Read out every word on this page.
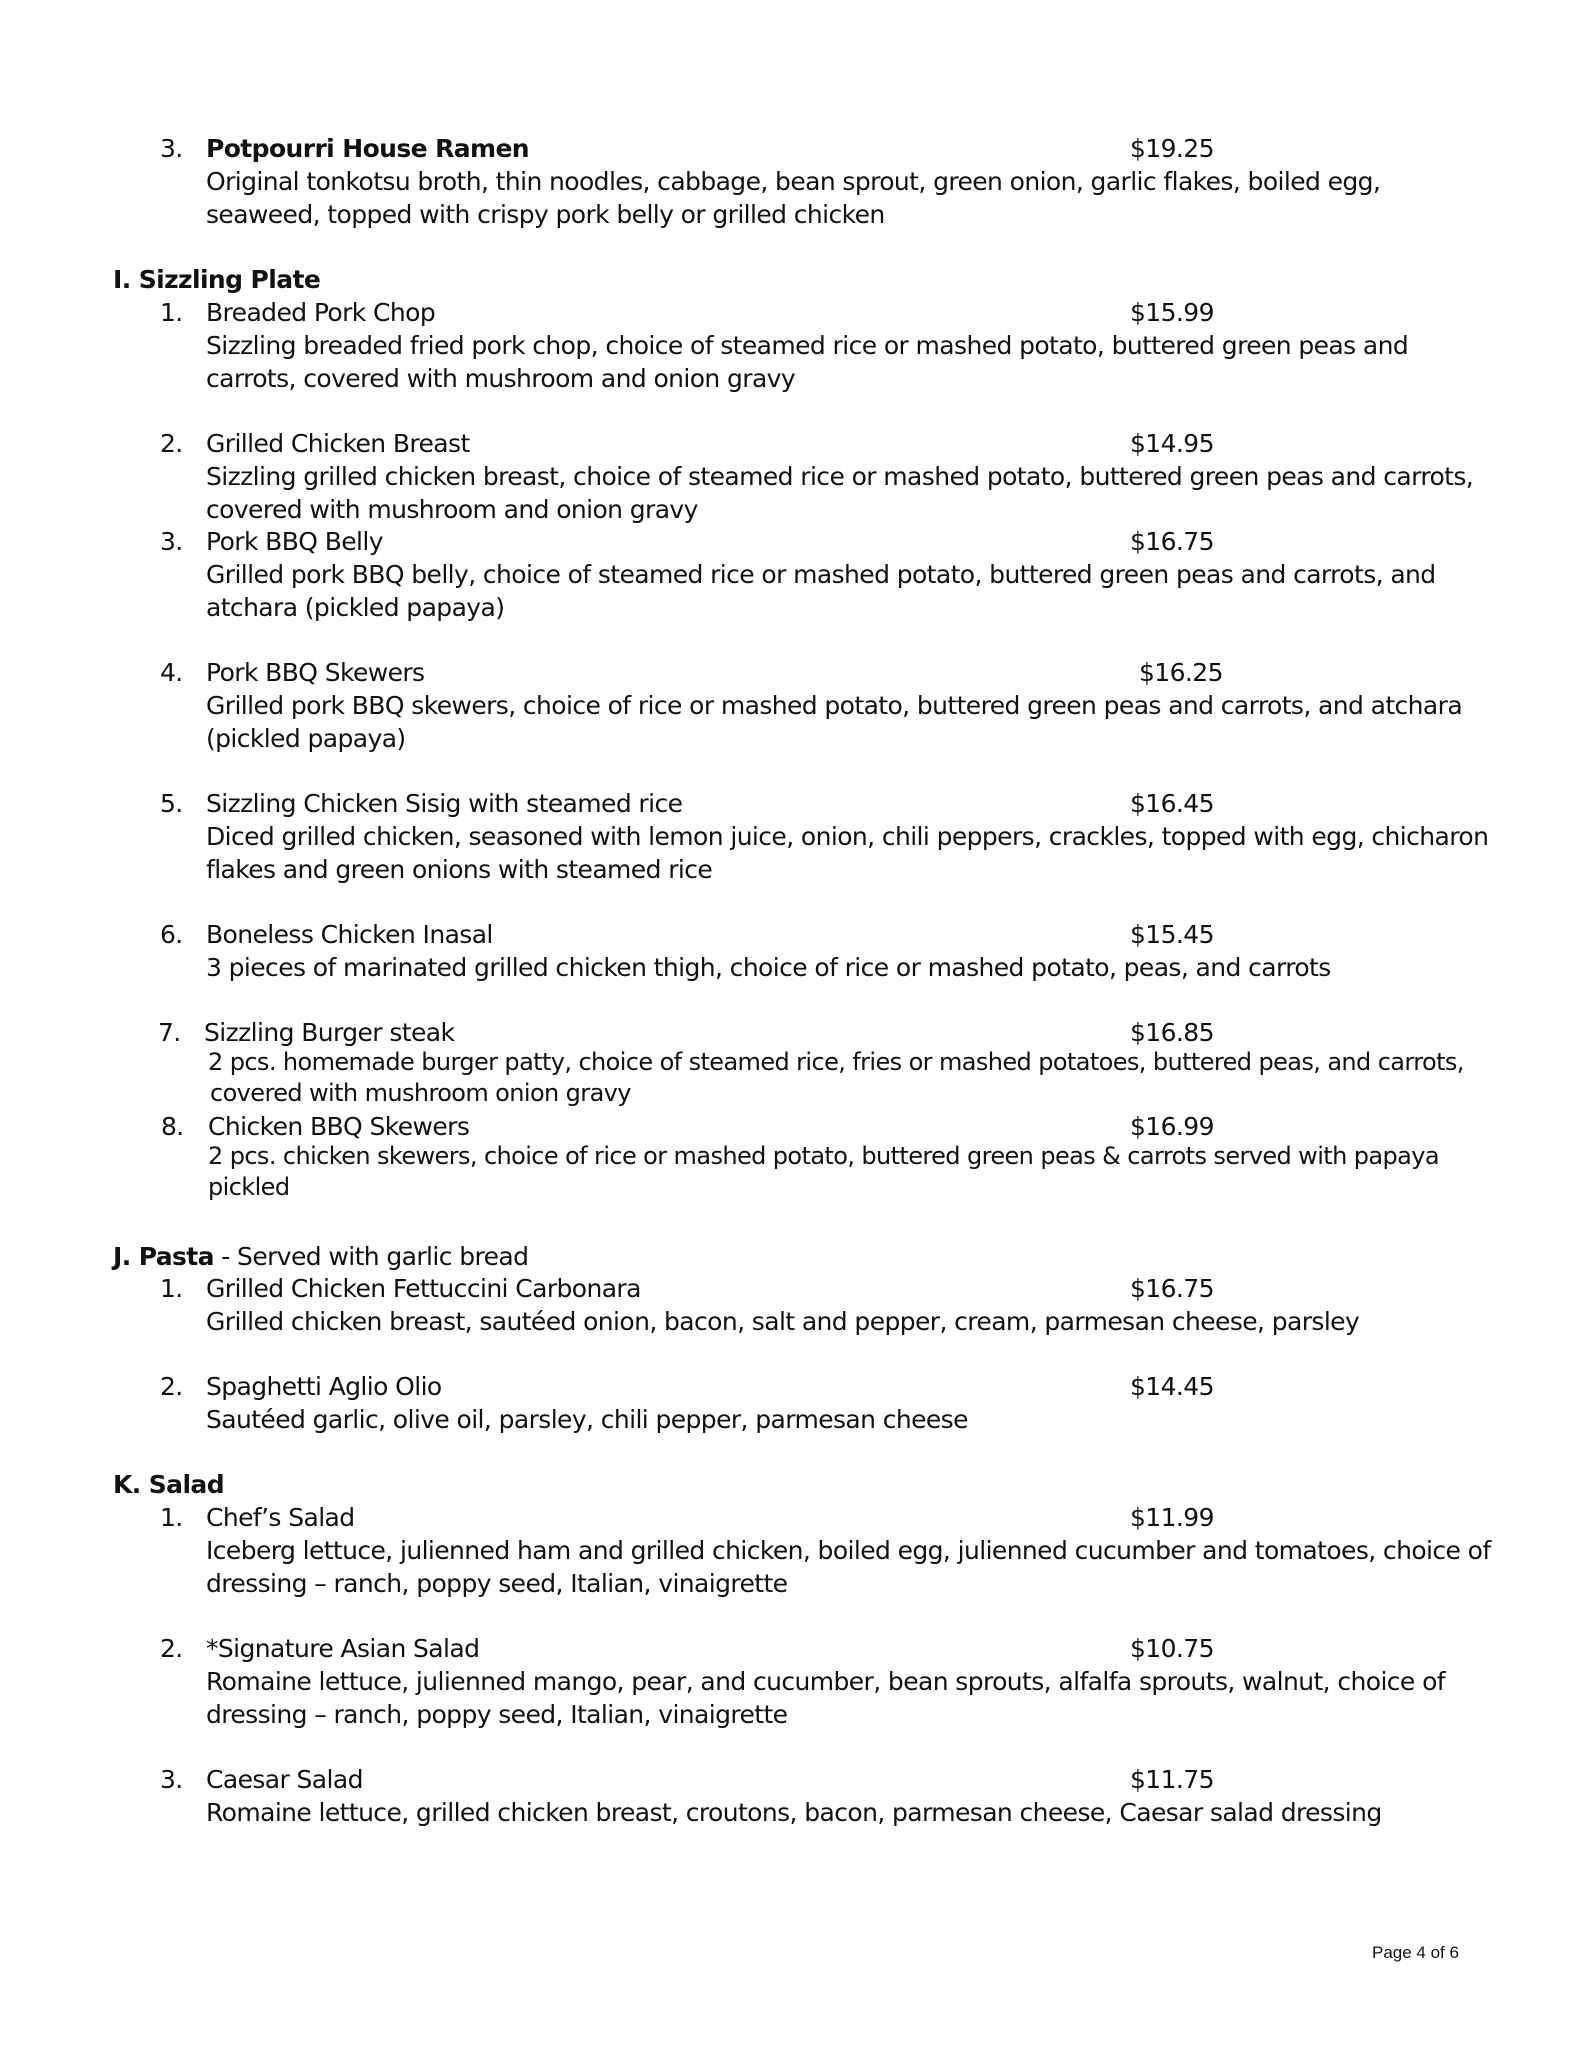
3. Potpourri House Ramen	$19.25
Original tonkotsu broth, thin noodles, cabbage, bean sprout, green onion, garlic flakes, boiled egg, seaweed, topped with crispy pork belly or grilled chicken
I. Sizzling Plate
1. Breaded Pork Chop	$15.99
Sizzling breaded fried pork chop, choice of steamed rice or mashed potato, buttered green peas and carrots, covered with mushroom and onion gravy
2. Grilled Chicken Breast	$14.95
Sizzling grilled chicken breast, choice of steamed rice or mashed potato, buttered green peas and carrots, covered with mushroom and onion gravy
3. Pork BBQ Belly	$16.75
Grilled pork BBQ belly, choice of steamed rice or mashed potato, buttered green peas and carrots, and atchara (pickled papaya)
4. Pork BBQ Skewers	$16.25
Grilled pork BBQ skewers, choice of rice or mashed potato, buttered green peas and carrots, and atchara (pickled papaya)
5. Sizzling Chicken Sisig with steamed rice	$16.45
Diced grilled chicken, seasoned with lemon juice, onion, chili peppers, crackles, topped with egg, chicharon flakes and green onions with steamed rice
6. Boneless Chicken Inasal	$15.45
3 pieces of marinated grilled chicken thigh, choice of rice or mashed potato, peas, and carrots
7. Sizzling Burger steak	$16.85
2 pcs. homemade burger patty, choice of steamed rice, fries or mashed potatoes, buttered peas, and carrots, covered with mushroom onion gravy
8. Chicken BBQ Skewers	$16.99
2 pcs. chicken skewers, choice of rice or mashed potato, buttered green peas & carrots served with papaya pickled
J. Pasta - Served with garlic bread
1. Grilled Chicken Fettuccini Carbonara	$16.75
Grilled chicken breast, sautéed onion, bacon, salt and pepper, cream, parmesan cheese, parsley
2. Spaghetti Aglio Olio	$14.45
Sautéed garlic, olive oil, parsley, chili pepper, parmesan cheese
K. Salad
1. Chef’s Salad	$11.99
Iceberg lettuce, julienned ham and grilled chicken, boiled egg, julienned cucumber and tomatoes, choice of dressing – ranch, poppy seed, Italian, vinaigrette
2. *Signature Asian Salad	$10.75
Romaine lettuce, julienned mango, pear, and cucumber, bean sprouts, alfalfa sprouts, walnut, choice of dressing – ranch, poppy seed, Italian, vinaigrette
3. Caesar Salad	$11.75
Romaine lettuce, grilled chicken breast, croutons, bacon, parmesan cheese, Caesar salad dressing
Page 4 of 6
